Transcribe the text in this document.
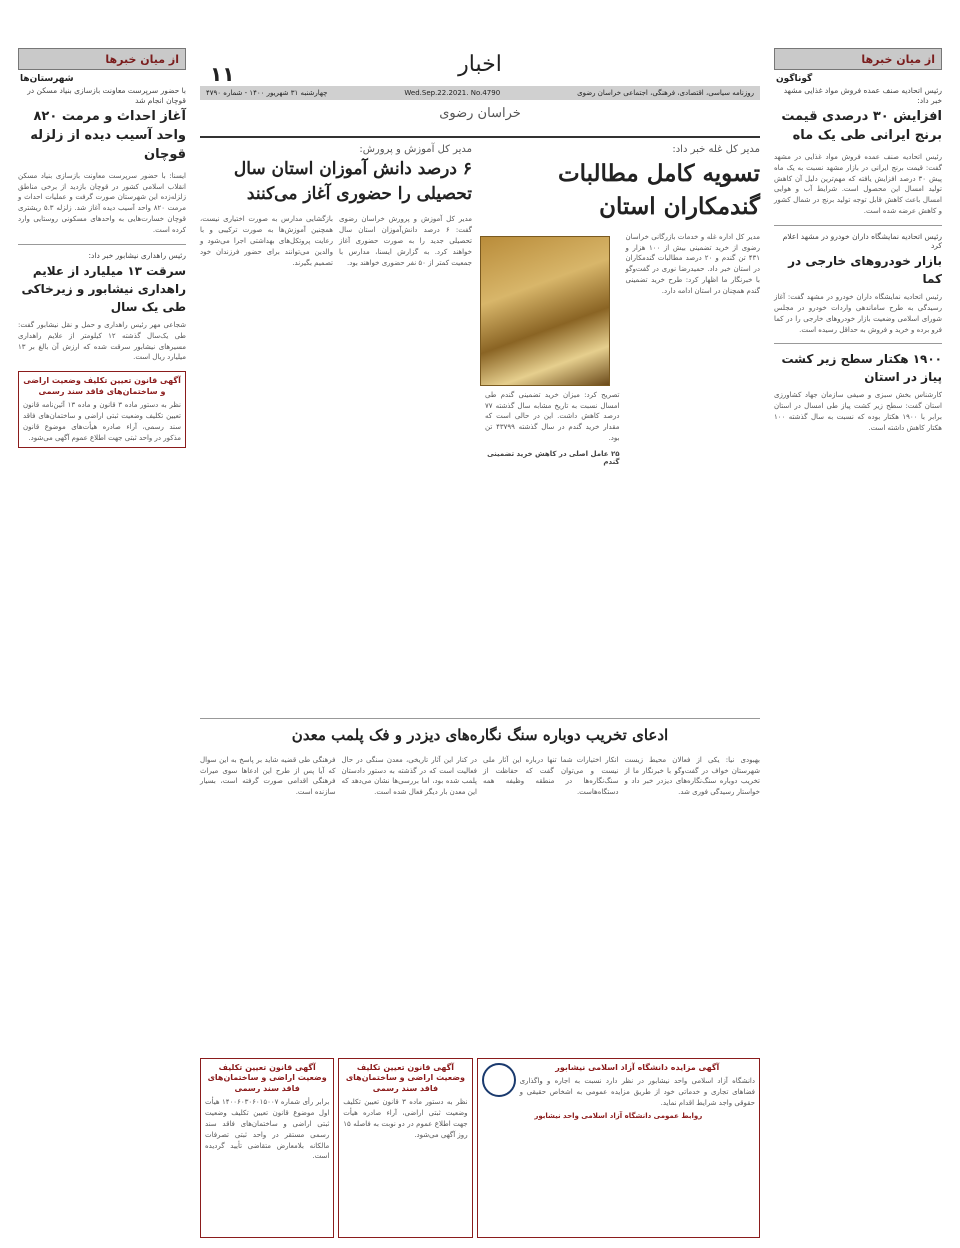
از میان خبرها
گوناگون
رئیس اتحادیه صنف عمده فروش مواد غذایی مشهد خبر داد:
افزایش ۳۰ درصدی قیمت برنج ایرانی طی یک ماه
رئیس اتحادیه صنف عمده فروش مواد غذایی در مشهد گفت: قیمت برنج ایرانی در بازار مشهد نسبت به یک ماه پیش ۳۰ درصد افزایش یافته که مهم‌ترین دلیل آن کاهش تولید امسال این محصول است. شرایط آب و هوایی امسال باعث کاهش قابل توجه تولید برنج در شمال کشور و کاهش عرضه شده است.
رئیس اتحادیه نمایشگاه داران خودرو در مشهد اعلام کرد
بازار خودروهای خارجی در کما
رئیس اتحادیه نمایشگاه داران خودرو در مشهد گفت: آغاز رسیدگی به طرح ساماندهی واردات خودرو در مجلس شورای اسلامی وضعیت بازار خودروهای خارجی را در کما فرو برده و خرید و فروش به حداقل رسیده است.
۱۹۰۰ هکتار سطح زیر کشت پیاز در استان
کارشناس بخش سبزی و صیفی سازمان جهاد کشاورزی استان گفت: سطح زیر کشت پیاز طی امسال در استان برابر با ۱۹۰۰ هکتار بوده که نسبت به سال گذشته ۱۰۰ هکتار کاهش داشته است.
از میان خبرها
شهرستان‌ها
با حضور سرپرست معاونت بازسازی بنیاد مسکن در قوچان انجام شد
آغاز احداث و مرمت ۸۲۰ واحد آسیب دیده از زلزله قوچان
ایسنا: با حضور سرپرست معاونت بازسازی بنیاد مسکن انقلاب اسلامی کشور در قوچان بازدید از برخی مناطق زلزله‌زده این شهرستان صورت گرفت و عملیات احداث و مرمت ۸۲۰ واحد آسیب دیده آغاز شد. زلزله ۵.۳ ریشتری قوچان خسارت‌هایی به واحدهای مسکونی روستایی وارد کرده است.
رئیس راهداری نیشابور خبر داد:
سرقت ۱۳ میلیارد از علایم راهداری نیشابور و زیرخاکی طی یک سال
شجاعی مهر رئیس راهداری و حمل و نقل نیشابور گفت: طی یک‌سال گذشته ۱۲ کیلومتر از علایم راهداری مسیرهای نیشابور سرقت شده که ارزش آن بالغ بر ۱۳ میلیارد ریال است.
آگهی قانون تعیین تکلیف وضعیت اراضی و ساختمان‌های فاقد سند رسمی
نظر به دستور ماده ۳ قانون و ماده ۱۳ آئین‌نامه قانون تعیین تکلیف وضعیت ثبتی اراضی و ساختمان‌های فاقد سند رسمی، آراء صادره هیأت‌های موضوع قانون مذکور در واحد ثبتی جهت اطلاع عموم آگهی می‌شود.
اخبار
۱۱
روزنامه سیاسی، اقتصادی، فرهنگی، اجتماعی خراسان رضوی
Wed.Sep.22.2021. No.4790
چهارشنبه ۳۱ شهریور ۱۴۰۰ - شماره ۴۷۹۰
خراسان رضوی
مدیر کل غله خبر داد:
تسویه کامل مطالبات گندمکاران استان
مدیر کل اداره غله و خدمات بازرگانی خراسان رضوی از خرید تضمینی بیش از ۱۰۰ هزار و ۴۳۱ تن گندم و ۲۰ درصد مطالبات گندمکاران در استان خبر داد. حمیدرضا نوری در گفت‌وگو با خبرنگار ما اظهار کرد: طرح خرید تضمینی گندم همچنان در استان ادامه دارد.
تصریح کرد: میزان خرید تضمینی گندم طی امسال نسبت به تاریخ مشابه سال گذشته ۷۷ درصد کاهش داشت. این در حالی است که مقدار خرید گندم در سال گذشته ۴۳۷۹۹ تن بود.
۲۵ عامل اصلی در کاهش خرید تضمینی گندم
مدیر کل آموزش و پرورش:
۶ درصد دانش آموزان استان سال تحصیلی را حضوری آغاز می‌کنند
مدیر کل آموزش و پرورش خراسان رضوی گفت: ۶ درصد دانش‌آموزان استان سال تحصیلی جدید را به صورت حضوری آغاز خواهند کرد. به گزارش ایسنا، مدارس با جمعیت کمتر از ۵۰ نفر حضوری خواهند بود.
بازگشایی مدارس به صورت اختیاری نیست، همچنین آموزش‌ها به صورت ترکیبی و با رعایت پروتکل‌های بهداشتی اجرا می‌شود و والدین می‌توانند برای حضور فرزندان خود تصمیم بگیرند.
ادعای تخریب دوباره سنگ نگاره‌های دیزدر و فک پلمب معدن
بهبودی نیا: یکی از فعالان محیط زیست شهرستان خواف در گفت‌وگو با خبرنگار ما از تخریب دوباره سنگ‌نگاره‌های دیزدر خبر داد و خواستار رسیدگی فوری شد.
انکار اختیارات شما تنها درباره این آثار ملی نیست و می‌توان گفت که حفاظت از سنگ‌نگاره‌ها در منطقه وظیفه همه دستگاه‌هاست.
در کنار این آثار تاریخی، معدن سنگی در حال فعالیت است که در گذشته به دستور دادستان پلمب شده بود، اما بررسی‌ها نشان می‌دهد که این معدن بار دیگر فعال شده است.
فرهنگی طی قضیه شاید بر پاسخ به این سوال که آیا پس از طرح این ادعاها سوی میراث فرهنگی اقدامی صورت گرفته است، بسیار سازنده است.
آگهی مزایده دانشگاه آزاد اسلامی نیشابور
دانشگاه آزاد اسلامی واحد نیشابور در نظر دارد نسبت به اجاره و واگذاری فضاهای تجاری و خدماتی خود از طریق مزایده عمومی به اشخاص حقیقی و حقوقی واجد شرایط اقدام نماید.
روابط عمومی دانشگاه آزاد اسلامی واحد نیشابور
آگهی قانون تعیین تکلیف وضعیت اراضی و ساختمان‌های فاقد سند رسمی
نظر به دستور ماده ۳ قانون تعیین تکلیف وضعیت ثبتی اراضی، آراء صادره هیأت جهت اطلاع عموم در دو نوبت به فاصله ۱۵ روز آگهی می‌شود.
آگهی قانون تعیین تکلیف وضعیت اراضی و ساختمان‌های فاقد سند رسمی
برابر رأی شماره ۱۴۰۰۶۰۳۰۶۰۱۵۰۰۷ هیأت اول موضوع قانون تعیین تکلیف وضعیت ثبتی اراضی و ساختمان‌های فاقد سند رسمی مستقر در واحد ثبتی تصرفات مالکانه بلامعارض متقاضی تأیید گردیده است.
